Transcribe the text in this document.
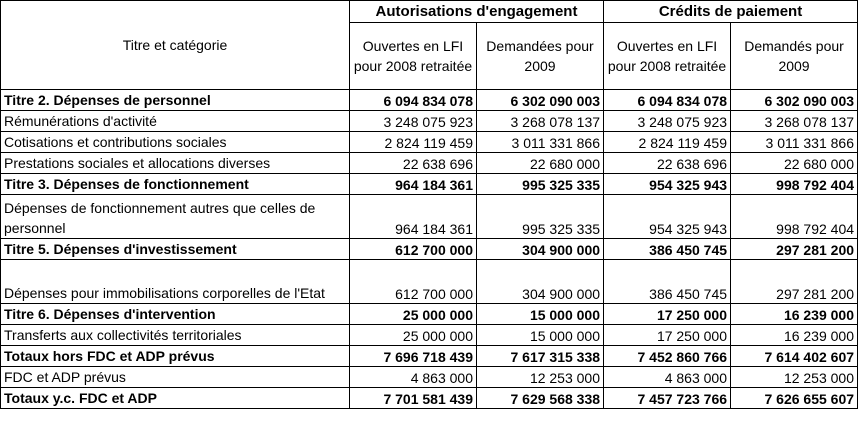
Titre et catégorie	Autorisations d'engagement		Crédits de paiement	
	Ouvertes en LFI pour 2008 retraitée	Demandées pour 2009	Ouvertes en LFI pour 2008 retraitée	Demandés pour 2009
Titre 2. Dépenses de personnel	6 094 834 078	6 302 090 003	6 094 834 078	6 302 090 003
Rémunérations d'activité	3 248 075 923	3 268 078 137	3 248 075 923	3 268 078 137
Cotisations et contributions sociales	2 824 119 459	3 011 331 866	2 824 119 459	3 011 331 866
Prestations sociales et allocations diverses	22 638 696	22 680 000	22 638 696	22 680 000
Titre 3. Dépenses de fonctionnement	964 184 361	995 325 335	954 325 943	998 792 404
Dépenses de fonctionnement autres que celles de personnel	964 184 361	995 325 335	954 325 943	998 792 404
Titre 5. Dépenses d'investissement	612 700 000	304 900 000	386 450 745	297 281 200
Dépenses pour immobilisations corporelles de l'Etat	612 700 000	304 900 000	386 450 745	297 281 200
Titre 6. Dépenses d'intervention	25 000 000	15 000 000	17 250 000	16 239 000
Transferts aux collectivités territoriales	25 000 000	15 000 000	17 250 000	16 239 000
Totaux hors FDC et ADP prévus	7 696 718 439	7 617 315 338	7 452 860 766	7 614 402 607
FDC et ADP prévus	4 863 000	12 253 000	4 863 000	12 253 000
Totaux y.c. FDC et ADP	7 701 581 439	7 629 568 338	7 457 723 766	7 626 655 607
